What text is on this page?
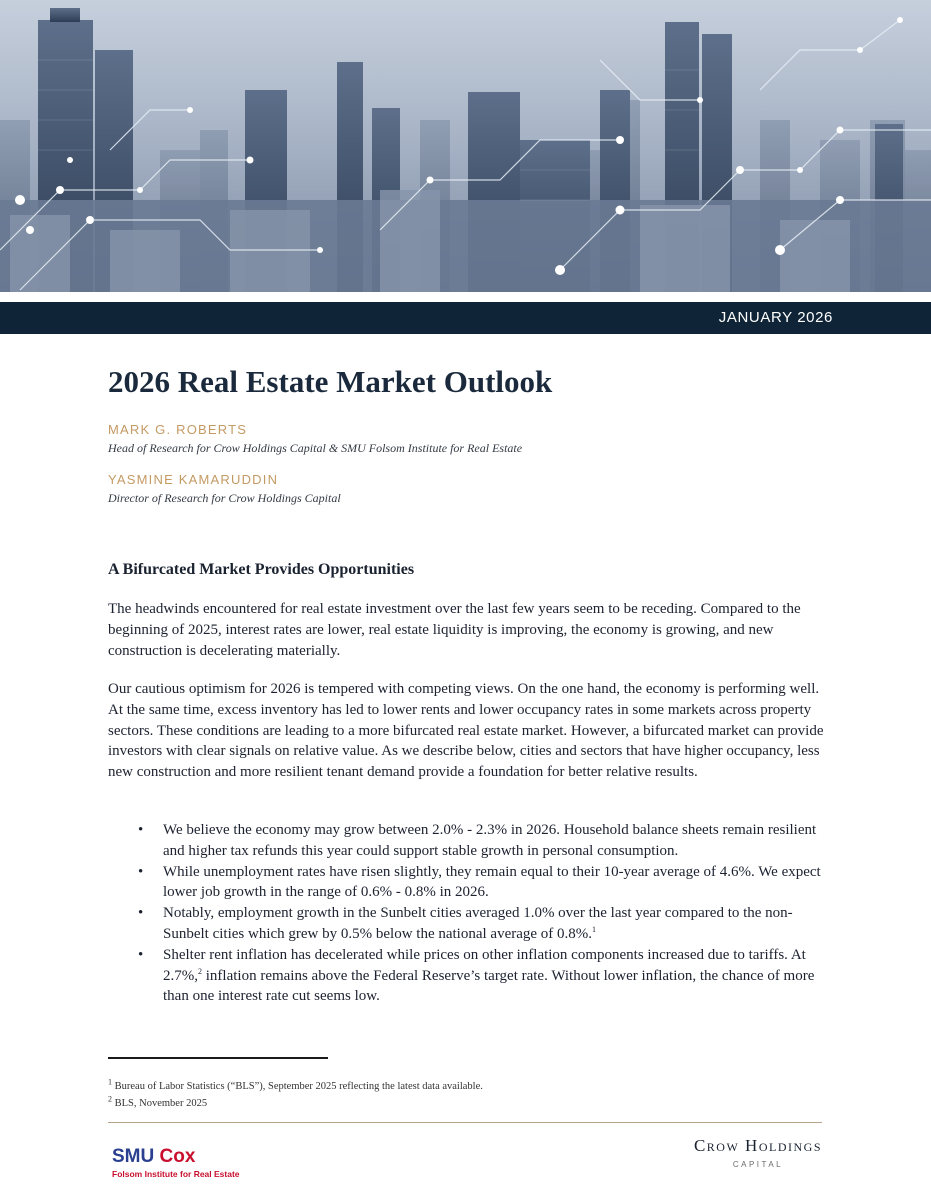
JANUARY 2026
2026 Real Estate Market Outlook
MARK G. ROBERTS
Head of Research for Crow Holdings Capital & SMU Folsom Institute for Real Estate
YASMINE KAMARUDDIN
Director of Research for Crow Holdings Capital
A Bifurcated Market Provides Opportunities

The headwinds encountered for real estate investment over the last few years seem to be receding. Compared to the beginning of 2025, interest rates are lower, real estate liquidity is improving, the economy is growing, and new construction is decelerating materially.

Our cautious optimism for 2026 is tempered with competing views. On the one hand, the economy is performing well. At the same time, excess inventory has led to lower rents and lower occupancy rates in some markets across property sectors. These conditions are leading to a more bifurcated real estate market. However, a bifurcated market can provide investors with clear signals on relative value. As we describe below, cities and sectors that have higher occupancy, less new construction and more resilient tenant demand provide a foundation for better relative results.

• We believe the economy may grow between 2.0% - 2.3% in 2026. Household balance sheets remain resilient and higher tax refunds this year could support stable growth in personal consumption.
• While unemployment rates have risen slightly, they remain equal to their 10-year average of 4.6%. We expect lower job growth in the range of 0.6% - 0.8% in 2026.
• Notably, employment growth in the Sunbelt cities averaged 1.0% over the last year compared to the non-Sunbelt cities which grew by 0.5% below the national average of 0.8%.$^1$
• Shelter rent inflation has decelerated while prices on other inflation components increased due to tariffs. At 2.7%,$^2$ inflation remains above the Federal Reserve’s target rate. Without lower inflation, the chance of more than one interest rate cut seems low.
$^1$ Bureau of Labor Statistics (“BLS”), September 2025 reflecting the latest data available.
$^2$ BLS, November 2025
SMU Cox
Folsom Institute for Real Estate
Crow Holdings
CAPITAL
